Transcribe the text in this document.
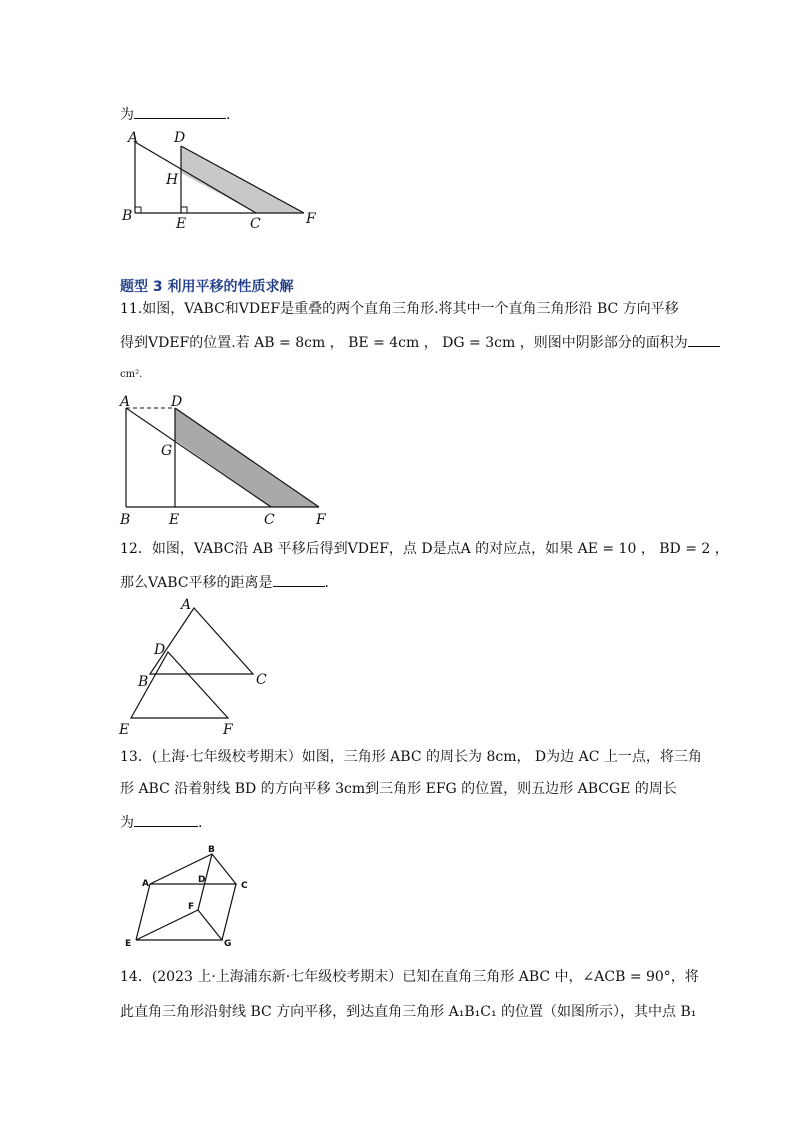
为	.
A	D
H
B	E	C	F
题型 3 利用平移的性质求解
11.如图，VABC和VDEF是重叠的两个直角三角形.将其中一个直角三角形沿 BC 方向平移
得到VDEF的位置.若 AB = 8cm ， BE = 4cm ， DG = 3cm ，则图中阴影部分的面积为
cm².
A	D
G
B	E	C	F
12．如图，VABC沿 AB 平移后得到VDEF，点 D是点A 的对应点，如果 AE = 10 ， BD = 2 ，
那么VABC平移的距离是	.
A
D
B	C
E	F
13．(上海·七年级校考期末）如图，三角形 ABC 的周长为 8cm， D为边 AC 上一点，将三角
形 ABC 沿着射线 BD 的方向平移 3cm到三角形 EFG 的位置，则五边形 ABCGE 的周长
为	.
B
A	D
C
F
E	G
14．(2023 上·上海浦东新·七年级校考期末）已知在直角三角形 ABC 中，∠ACB = 90°，将
此直角三角形沿射线 BC 方向平移，到达直角三角形 A₁B₁C₁ 的位置（如图所示），其中点 B₁
